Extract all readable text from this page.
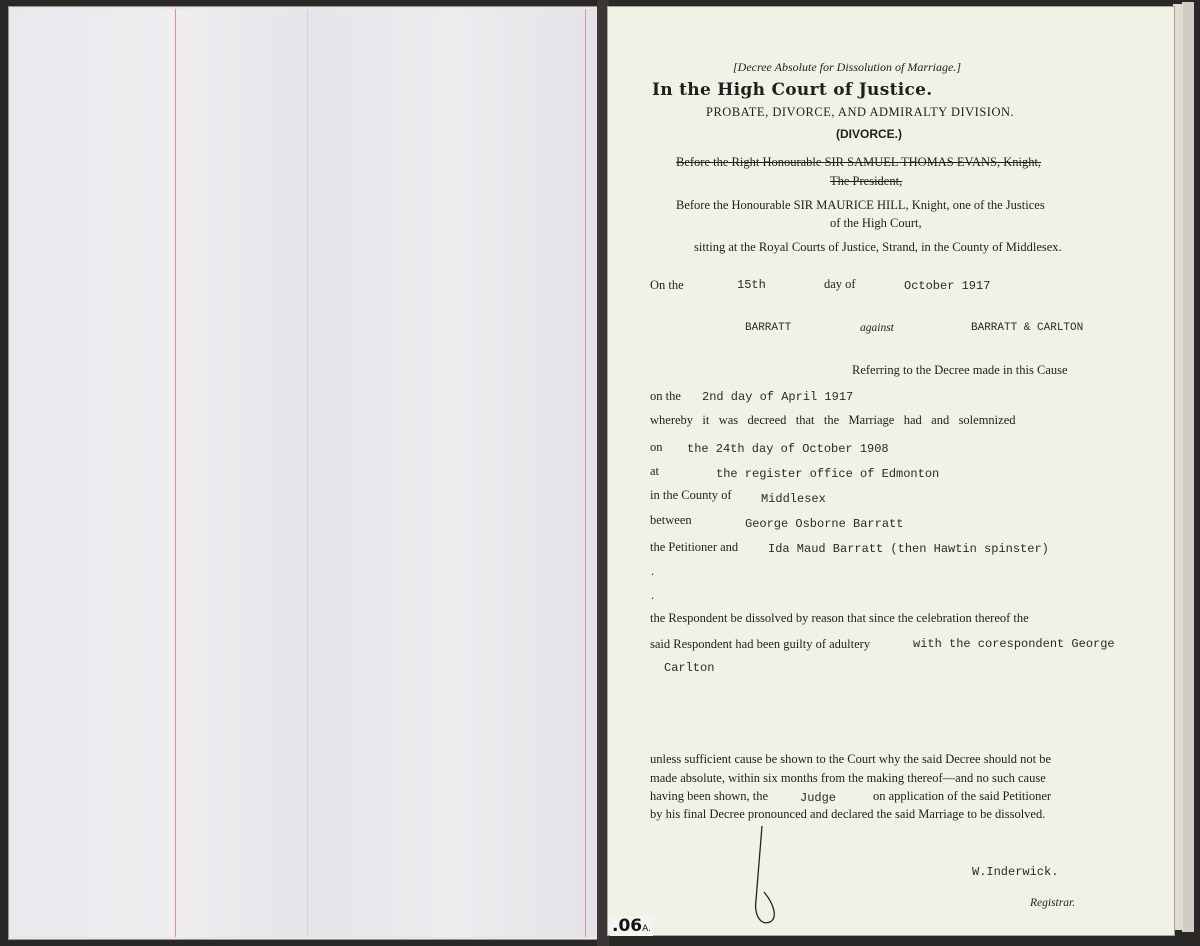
[Decree Absolute for Dissolution of Marriage.]
In the High Court of Justice.
PROBATE, DIVORCE, AND ADMIRALTY DIVISION.
(DIVORCE.)
Before the Right Honourable SIR SAMUEL THOMAS EVANS, Knight,
The President,
Before the Honourable SIR MAURICE HILL, Knight, one of the Justices
of the High Court,
sitting at the Royal Courts of Justice, Strand, in the County of Middlesex.
On the	15th	day of	October 1917
BARRATT	against	BARRATT & CARLTON
Referring to the Decree made in this Cause
on the 2nd day of April 1917
whereby   it   was   decreed   that   the   Marriage   had   and   solemnized
on the 24th day of October 1908
at	the register office of Edmonton
in the County of Middlesex
between	George Osborne Barratt
the Petitioner and Ida Maud Barratt (then Hawtin spinster)
.
.
the Respondent be dissolved by reason that since the celebration thereof the
said Respondent had been guilty of adultery	with the corespondent George
Carlton
unless sufficient cause be shown to the Court why the said Decree should not be
made absolute, within six months from the making thereof—and no such cause
having been shown, the	Judge	on application of the said Petitioner
by his final Decree pronounced and declared the said Marriage to be dissolved.
W.Inderwick.
Registrar.
.06A.
